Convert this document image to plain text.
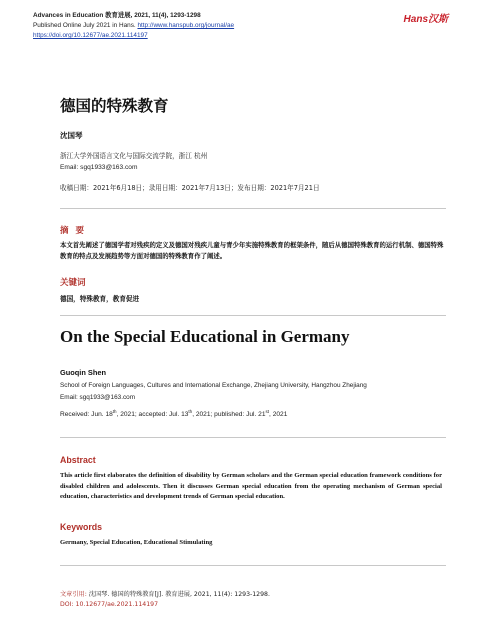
Advances in Education 教育进展, 2021, 11(4), 1293-1298
Published Online July 2021 in Hans. http://www.hanspub.org/journal/ae
https://doi.org/10.12677/ae.2021.114197
Hans汉斯
德国的特殊教育
沈国琴
浙江大学外国语言文化与国际交流学院，浙江 杭州
Email: sgq1933@163.com
收稿日期：2021年6月18日；录用日期：2021年7月13日；发布日期：2021年7月21日
摘 要
本文首先阐述了德国学者对残疾的定义及德国对残疾儿童与青少年实施特殊教育的框架条件，随后从德国特殊教育的运行机制、德国特殊教育的特点及发展趋势等方面对德国的特殊教育作了阐述。
关键词
德国，特殊教育，教育促进
On the Special Educational in Germany
Guoqin Shen
School of Foreign Languages, Cultures and International Exchange, Zhejiang University, Hangzhou Zhejiang
Email: sgq1933@163.com
Received: Jun. 18th, 2021; accepted: Jul. 13th, 2021; published: Jul. 21st, 2021
Abstract
This article first elaborates the definition of disability by German scholars and the German special education framework conditions for disabled children and adolescents. Then it discusses German special education from the operating mechanism of German special education, characteristics and development trends of German special education.
Keywords
Germany, Special Education, Educational Stimulating
文章引用: 沈国琴. 德国的特殊教育[J]. 教育进展, 2021, 11(4): 1293-1298.
DOI: 10.12677/ae.2021.114197
